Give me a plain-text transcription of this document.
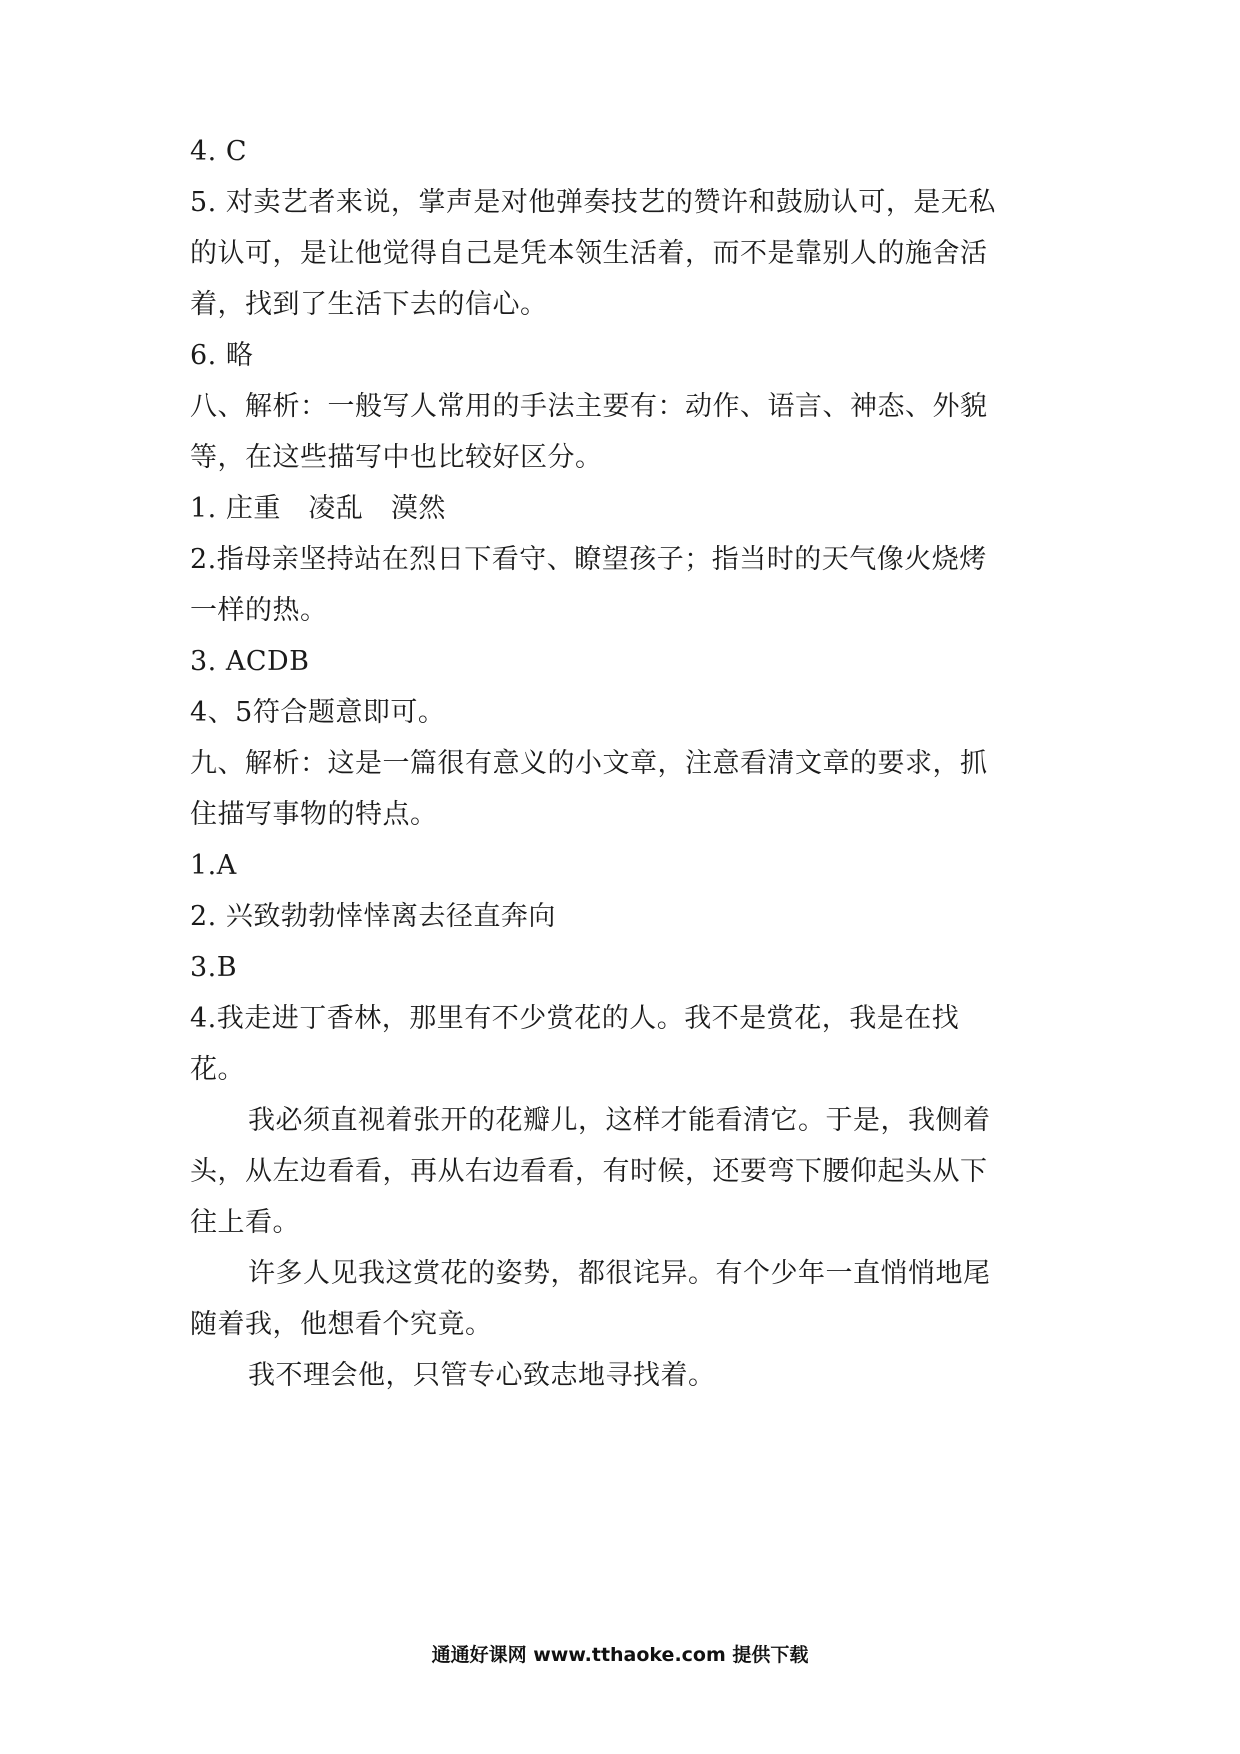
4. C
5. 对卖艺者来说，掌声是对他弹奏技艺的赞许和鼓励认可，是无私
的认可，是让他觉得自己是凭本领生活着，而不是靠别人的施舍活
着，找到了生活下去的信心。
6. 略
八、解析：一般写人常用的手法主要有：动作、语言、神态、外貌
等，在这些描写中也比较好区分。
1. 庄重　凌乱　漠然
2.指母亲坚持站在烈日下看守、瞭望孩子；指当时的天气像火烧烤
一样的热。
3. ACDB
4、5符合题意即可。
九、解析：这是一篇很有意义的小文章，注意看清文章的要求，抓
住描写事物的特点。
1.A
2. 兴致勃勃悻悻离去径直奔向
3.B
4.我走进丁香林，那里有不少赏花的人。我不是赏花，我是在找
花。
我必须直视着张开的花瓣儿，这样才能看清它。于是，我侧着
头，从左边看看，再从右边看看，有时候，还要弯下腰仰起头从下
往上看。
许多人见我这赏花的姿势，都很诧异。有个少年一直悄悄地尾
随着我，他想看个究竟。
我不理会他，只管专心致志地寻找着。
通通好课网 www.tthaoke.com 提供下载
